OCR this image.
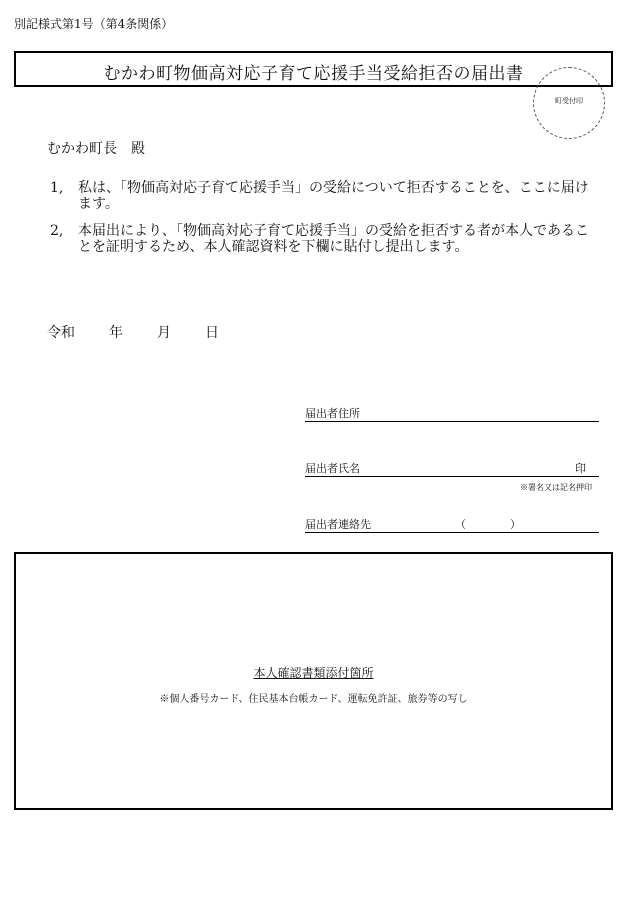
別記様式第1号（第4条関係）
むかわ町物価高対応子育て応援手当受給拒否の届出書
町受付印
むかわ町長　殿
1, 私は、「物価高対応子育て応援手当」の受給について拒否することを、ここに届けます。
2, 本届出により、「物価高対応子育て応援手当」の受給を拒否する者が本人であることを証明するため、本人確認資料を下欄に貼付し提出します。
令和 年 月 日
届出者住所
届出者氏名	印
※署名又は記名押印
届出者連絡先	（　　　　）
本人確認書類添付箇所
※個人番号カード、住民基本台帳カード、運転免許証、旅券等の写し
